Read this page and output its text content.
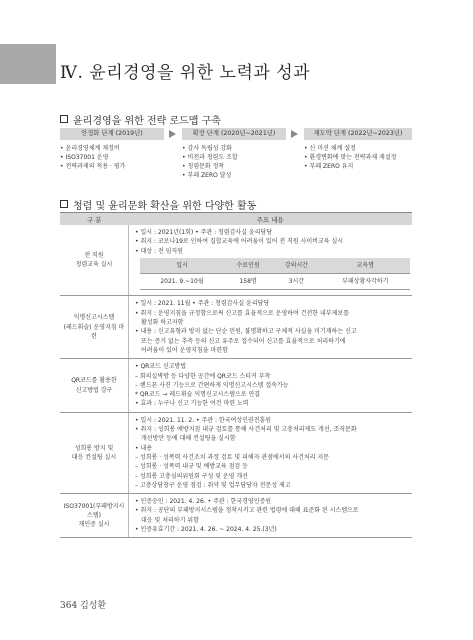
Ⅳ. 윤리경영을 위한 노력과 성과
윤리경영을 위한 전략 로드맵 구축
안정화 단계 (2019년)
• 윤리경영체계 재정비
• ISO37001 운영
• 전략과제의 적용 · 평가
확장 단계 (2020년~2021년)
• 감사 독립성 강화
• 비전과 청렴도 조합
• 청렴문화 정착
• 부패 ZERO 달성
재도약 단계 (2022년~2023년)
• 신 미션 체계 설정
• 환경변화에 맞는 전략과제 재설정
• 부패 ZERO 유지
청렴 및 윤리문화 확산을 위한 다양한 활동
구 분	주요 내용

전 직원
청렴교육 실시

• 일시 : 2021년(1회) • 주관 : 청렴감사실 윤리담당
• 취지 : 코로나19로 인하여 집합교육에 어려움이 있어 전 직원 사이버교육 실시
• 대상 : 전 임직원
일시	수료인원	강의시간	교육명
2021. 9.~10월	158명	3시간	부패상황자각하기

익명신고시스템
(레드휘슬) 운영지침 마련

• 일시 : 2021. 11월 • 주관 : 청렴감사실 윤리담당
• 취지 : 운영지침을 규정함으로써 신고를 효율적으로 운영하여 건전한 내부제보를
활성화 하고자함
• 내용 : 신고유형과 방지 없는 단순 민원, 불명확하고 구체적 사실을 미기재하는 신고
또는 증거 없는 추측 등의 신고 유주로 접수되어 신고를 효율적으로 처리하기에
어려움이 있어 운영지침을 마련함

QR코드를 활용한
신고방법 강구

• QR코드 신고방법
– 회의실벽방 등 다양한 공간에 QR코드 스티커 부착
– 핸드폰 사진 기능으로 간편하게 익명신고시스템 접속가능
* QR코드 → 레드휘슬 익명신고시스템으로 연결
• 효과 : 누구나 신고 기능한 여건 마련 노력

성희롱 방지 및
대응 컨설팅 실시

• 일시 : 2021. 11. 2. • 주관 : 한국여성인권진흥원
• 취지 : 성희롱 예방지침 내규 검토를 통해 사건처리 및 고충처리제도 개선, 조직문화
개선방안 등에 대해 컨설팅을 실시함
• 내용
– 성희롱 · 성폭력 사건조치 과정 검토 및 피해자 관점에서의 사건처리 지문
– 성희롱 · 성폭력 내규 및 예방교육 점검 등
– 성희롱 고충심의위원회 구성 및 운영 개선
– 고충상담창구 운영 점검 : 취약 및 업무담당자 전문성 제고

ISO37001(부패방지시스템)
재인증 실시

• 인증승인 : 2021. 4. 26. • 주관 : 한국경영인증원
• 취지 : 공단의 부패방지시스템을 정착시키고 관련 법령에 대해 표준화 된 시스템으로
대응 및 처리하기 위함
• 인증유효기간 : 2021. 4. 26. ~ 2024. 4. 25.(3년)
364 김성환
